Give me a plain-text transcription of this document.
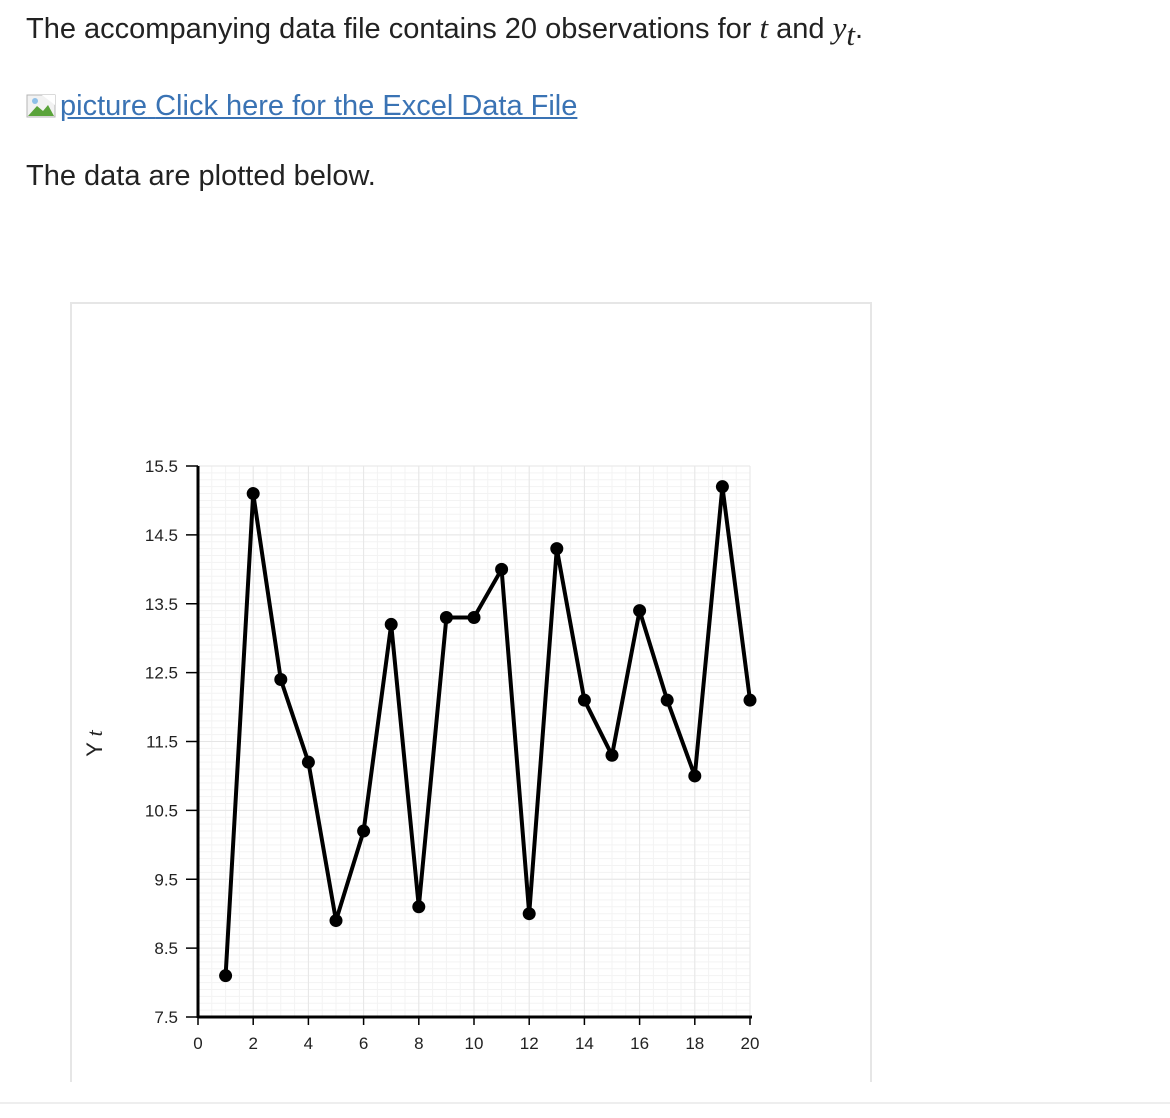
The accompanying data file contains 20 observations for t and $y_t$.

picture
Click here for the Excel Data File

The data are plotted below.

0	2	4	6	8 10 12 14 16 18 20
7.5
8.5
9.5
10.5
11.5
12.5
13.5
14.5
15.5
Y t
